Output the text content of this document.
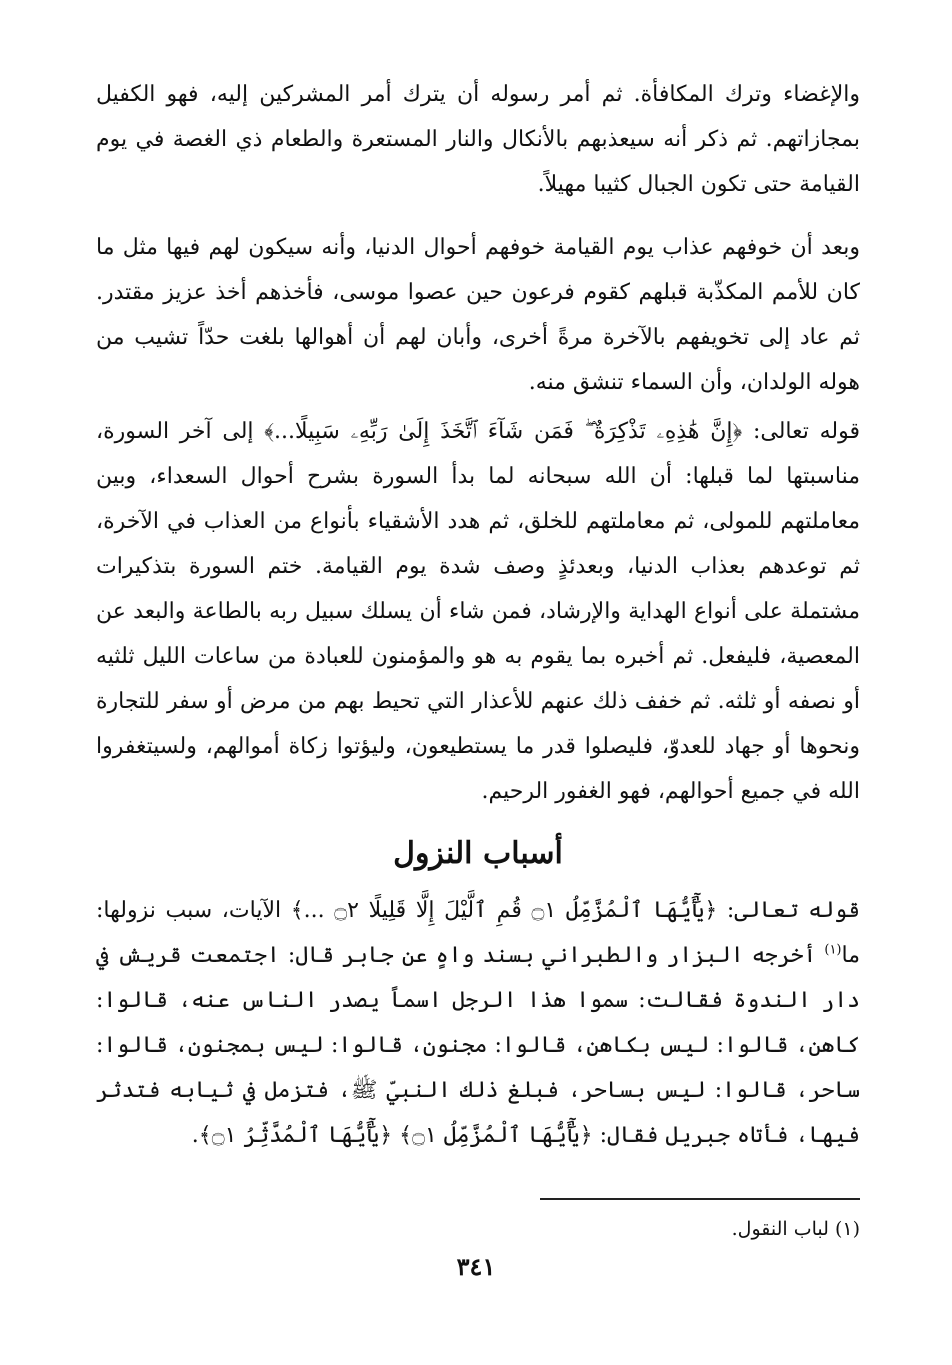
والإغضاء وترك المكافأة. ثم أمر رسوله أن يترك أمر المشركين إليه، فهو الكفيل بمجازاتهم. ثم ذكر أنه سيعذبهم بالأنكال والنار المستعرة والطعام ذي الغصة في يوم القيامة حتى تكون الجبال كثيبا مهيلاً.

وبعد أن خوفهم عذاب يوم القيامة خوفهم أحوال الدنيا، وأنه سيكون لهم فيها مثل ما كان للأمم المكذّبة قبلهم كقوم فرعون حين عصوا موسى، فأخذهم أخذ عزيز مقتدر. ثم عاد إلى تخويفهم بالآخرة مرةً أخرى، وأبان لهم أن أهوالها بلغت حدّاً تشيب من هوله الولدان، وأن السماء تنشق منه.

قوله تعالى: ﴿إِنَّ هَٰذِهِۦ تَذْكِرَةٌ ۖ فَمَن شَآءَ ٱتَّخَذَ إِلَىٰ رَبِّهِۦ سَبِيلًا...﴾ إلى آخر السورة، مناسبتها لما قبلها: أن الله سبحانه لما بدأ السورة بشرح أحوال السعداء، وبين معاملتهم للمولى، ثم معاملتهم للخلق، ثم هدد الأشقياء بأنواع من العذاب في الآخرة، ثم توعدهم بعذاب الدنيا، وبعدئذٍ وصف شدة يوم القيامة. ختم السورة بتذكيرات مشتملة على أنواع الهداية والإرشاد، فمن شاء أن يسلك سبيل ربه بالطاعة والبعد عن المعصية، فليفعل. ثم أخبره بما يقوم به هو والمؤمنون للعبادة من ساعات الليل ثلثيه أو نصفه أو ثلثه. ثم خفف ذلك عنهم للأعذار التي تحيط بهم من مرض أو سفر للتجارة ونحوها أو جهاد للعدوّ، فليصلوا قدر ما يستطيعون، وليؤتوا زكاة أموالهم، ولسيتغفروا الله في جميع أحوالهم، فهو الغفور الرحيم.

أسباب النزول

قوله تعالى: ﴿يَٰٓأَيُّهَا ٱلْمُزَّمِّلُ ۝١ قُمِ ٱلَّيْلَ إِلَّا قَلِيلًا ۝٢ ...﴾ الآيات، سبب نزولها: ما$^{(١)}$ أخرجه البزار والطبراني بسند واهٍ عن جابر قال: اجتمعت قريش في دار الندوة فقالت: سموا هذا الرجل اسماً يصدر الناس عنه، قالوا: كاهن، قالوا: ليس بكاهن، قالوا: مجنون، قالوا: ليس بمجنون، قالوا: ساحر، قالوا: ليس بساحر، فبلغ ذلك النبيّ ﷺ، فتزمل في ثيابه فتدثر فيها، فأتاه جبريل فقال: ﴿يَٰٓأَيُّهَا ٱلْمُزَّمِّلُ ۝١﴾ ﴿يَٰٓأَيُّهَا ٱلْمُدَّثِّرُ ۝١﴾.

(١) لباب النقول.

٣٤١
